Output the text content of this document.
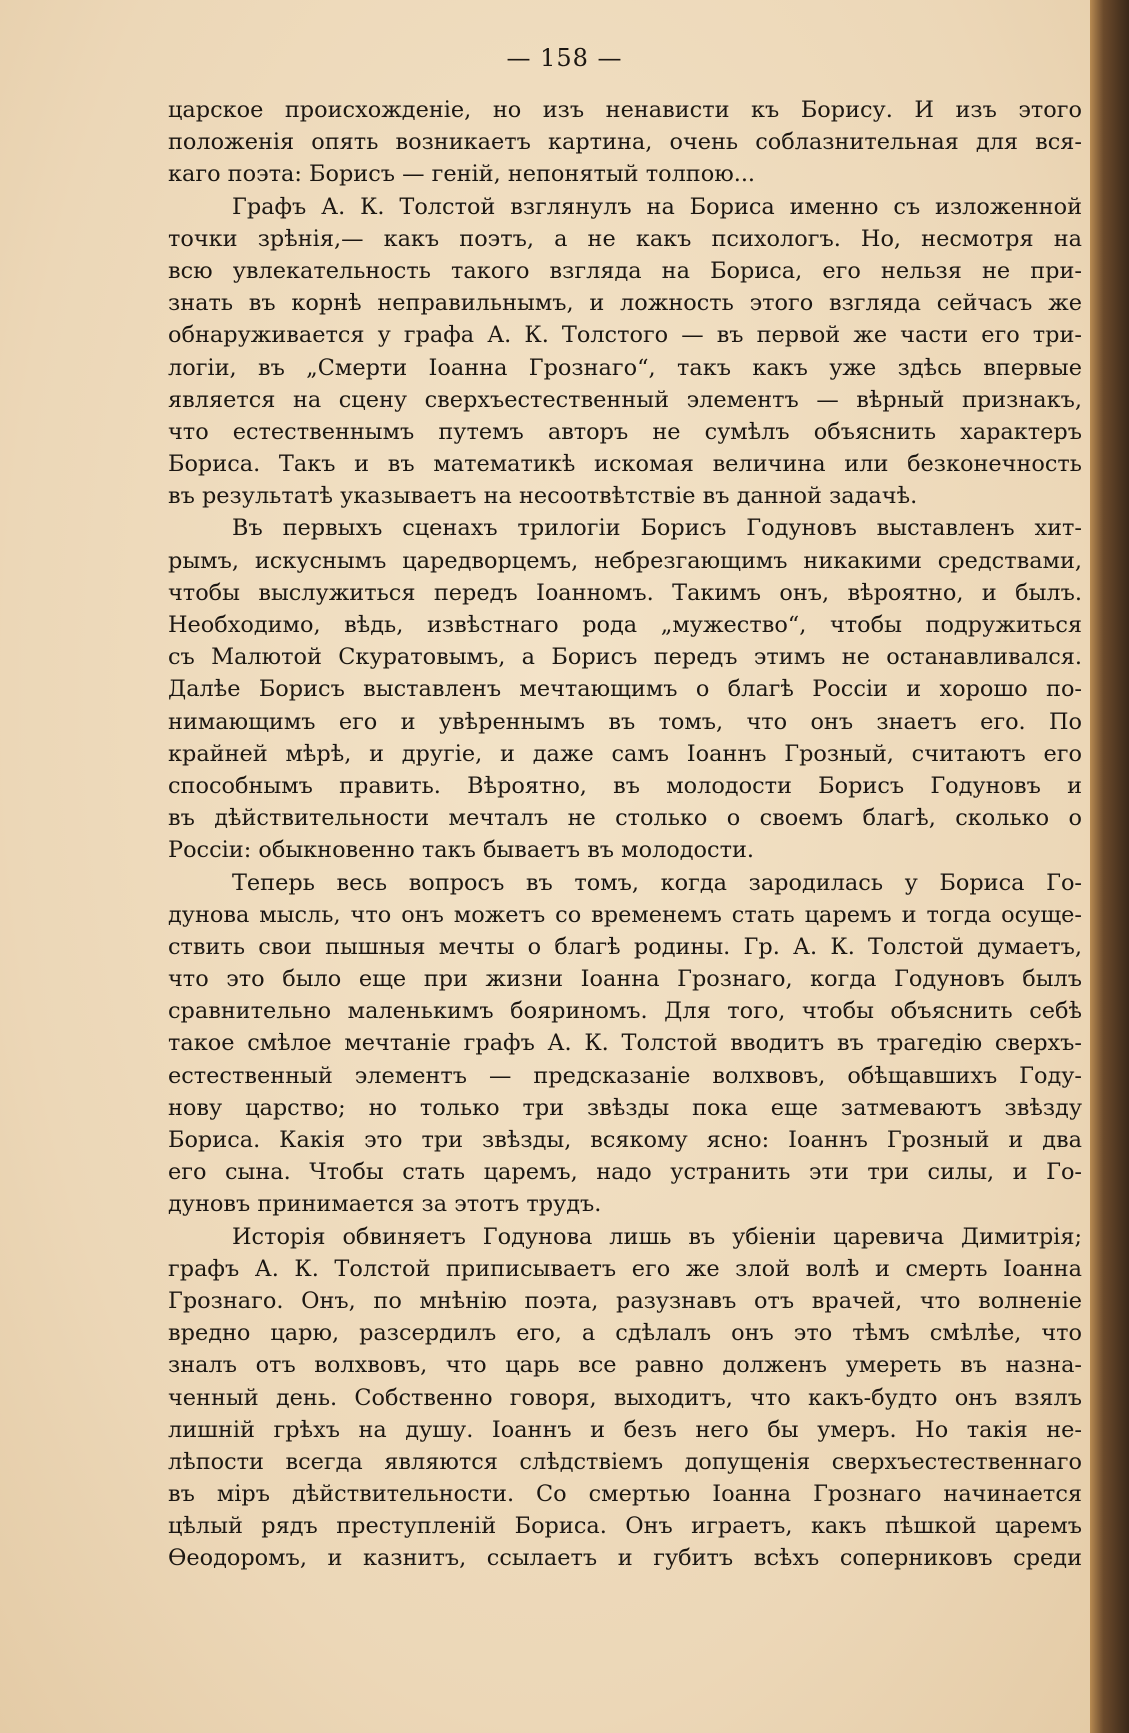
— 158 —
царское происхожденіе, но изъ ненависти къ Борису. И изъ этого
положенія опять возникаетъ картина, очень соблазнительная для вся-
каго поэта: Борисъ — геній, непонятый толпою...
Графъ А. К. Толстой взглянулъ на Бориса именно съ изложенной
точки зрѣнія,— какъ поэтъ, а не какъ психологъ. Но, несмотря на
всю увлекательность такого взгляда на Бориса, его нельзя не при-
знать въ корнѣ неправильнымъ, и ложность этого взгляда сейчасъ же
обнаруживается у графа А. К. Толстого — въ первой же части его три-
логіи, въ „Смерти Іоанна Грознаго“, такъ какъ уже здѣсь впервые
является на сцену сверхъестественный элементъ — вѣрный признакъ,
что естественнымъ путемъ авторъ не сумѣлъ объяснить характеръ
Бориса. Такъ и въ математикѣ искомая величина или безконечность
въ результатѣ указываетъ на несоотвѣтствіе въ данной задачѣ.
Въ первыхъ сценахъ трилогіи Борисъ Годуновъ выставленъ хит-
рымъ, искуснымъ царедворцемъ, небрезгающимъ никакими средствами,
чтобы выслужиться передъ Іоанномъ. Такимъ онъ, вѣроятно, и былъ.
Необходимо, вѣдь, извѣстнаго рода „мужество“, чтобы подружиться
съ Малютой Скуратовымъ, а Борисъ передъ этимъ не останавливался.
Далѣе Борисъ выставленъ мечтающимъ о благѣ Россіи и хорошо по-
нимающимъ его и увѣреннымъ въ томъ, что онъ знаетъ его. По
крайней мѣрѣ, и другіе, и даже самъ Іоаннъ Грозный, считаютъ его
способнымъ править. Вѣроятно, въ молодости Борисъ Годуновъ и
въ дѣйствительности мечталъ не столько о своемъ благѣ, сколько о
Россіи: обыкновенно такъ бываетъ въ молодости.
Теперь весь вопросъ въ томъ, когда зародилась у Бориса Го-
дунова мысль, что онъ можетъ со временемъ стать царемъ и тогда осуще-
ствить свои пышныя мечты о благѣ родины. Гр. А. К. Толстой думаетъ,
что это было еще при жизни Іоанна Грознаго, когда Годуновъ былъ
сравнительно маленькимъ бояриномъ. Для того, чтобы объяснить себѣ
такое смѣлое мечтаніе графъ А. К. Толстой вводитъ въ трагедію сверхъ-
естественный элементъ — предсказаніе волхвовъ, обѣщавшихъ Году-
нову царство; но только три звѣзды пока еще затмеваютъ звѣзду
Бориса. Какія это три звѣзды, всякому ясно: Іоаннъ Грозный и два
его сына. Чтобы стать царемъ, надо устранить эти три силы, и Го-
дуновъ принимается за этотъ трудъ.
Исторія обвиняетъ Годунова лишь въ убіеніи царевича Димитрія;
графъ А. К. Толстой приписываетъ его же злой волѣ и смерть Іоанна
Грознаго. Онъ, по мнѣнію поэта, разузнавъ отъ врачей, что волненіе
вредно царю, разсердилъ его, а сдѣлалъ онъ это тѣмъ смѣлѣе, что
зналъ отъ волхвовъ, что царь все равно долженъ умереть въ назна-
ченный день. Собственно говоря, выходитъ, что какъ-будто онъ взялъ
лишній грѣхъ на душу. Іоаннъ и безъ него бы умеръ. Но такія не-
лѣпости всегда являются слѣдствіемъ допущенія сверхъестественнаго
въ міръ дѣйствительности. Со смертью Іоанна Грознаго начинается
цѣлый рядъ преступленій Бориса. Онъ играетъ, какъ пѣшкой царемъ
Ѳеодоромъ, и казнитъ, ссылаетъ и губитъ всѣхъ соперниковъ среди
